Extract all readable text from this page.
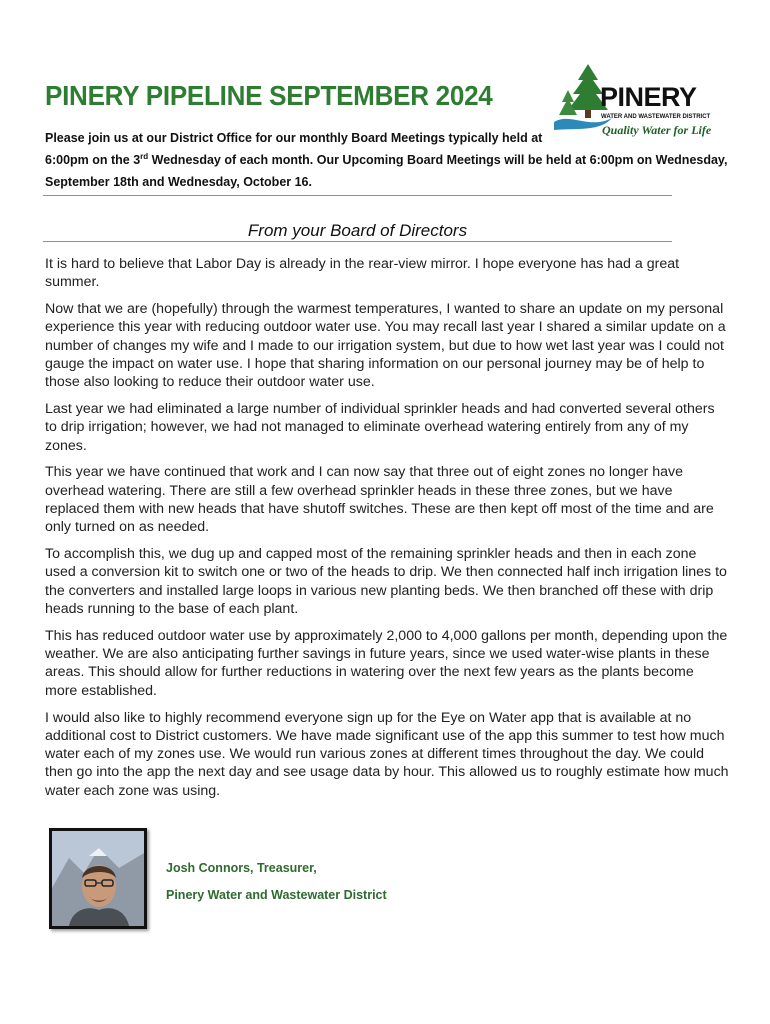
PINERY PIPELINE SEPTEMBER 2024
Please join us at our District Office for our monthly Board Meetings typically held at
6:00pm on the 3rd Wednesday of each month. Our Upcoming Board Meetings will be held at 6:00pm on Wednesday,
September 18th and Wednesday, October 16.
PINERY
WATER AND WASTEWATER DISTRICT
Quality Water for Life
From your Board of Directors

It is hard to believe that Labor Day is already in the rear-view mirror. I hope everyone has had a great summer.

Now that we are (hopefully) through the warmest temperatures, I wanted to share an update on my personal experience this year with reducing outdoor water use. You may recall last year I shared a similar update on a number of changes my wife and I made to our irrigation system, but due to how wet last year was I could not gauge the impact on water use. I hope that sharing information on our personal journey may be of help to those also looking to reduce their outdoor water use.

Last year we had eliminated a large number of individual sprinkler heads and had converted several others to drip irrigation; however, we had not managed to eliminate overhead watering entirely from any of my zones.

This year we have continued that work and I can now say that three out of eight zones no longer have overhead watering. There are still a few overhead sprinkler heads in these three zones, but we have replaced them with new heads that have shutoff switches. These are then kept off most of the time and are only turned on as needed.

To accomplish this, we dug up and capped most of the remaining sprinkler heads and then in each zone used a conversion kit to switch one or two of the heads to drip. We then connected half inch irrigation lines to the converters and installed large loops in various new planting beds. We then branched off these with drip heads running to the base of each plant.

This has reduced outdoor water use by approximately 2,000 to 4,000 gallons per month, depending upon the weather. We are also anticipating further savings in future years, since we used water-wise plants in these areas. This should allow for further reductions in watering over the next few years as the plants become more established.

I would also like to highly recommend everyone sign up for the Eye on Water app that is available at no additional cost to District customers. We have made significant use of the app this summer to test how much water each of my zones use. We would run various zones at different times throughout the day. We could then go into the app the next day and see usage data by hour. This allowed us to roughly estimate how much water each zone was using.

Josh Connors, Treasurer,
Pinery Water and Wastewater District
